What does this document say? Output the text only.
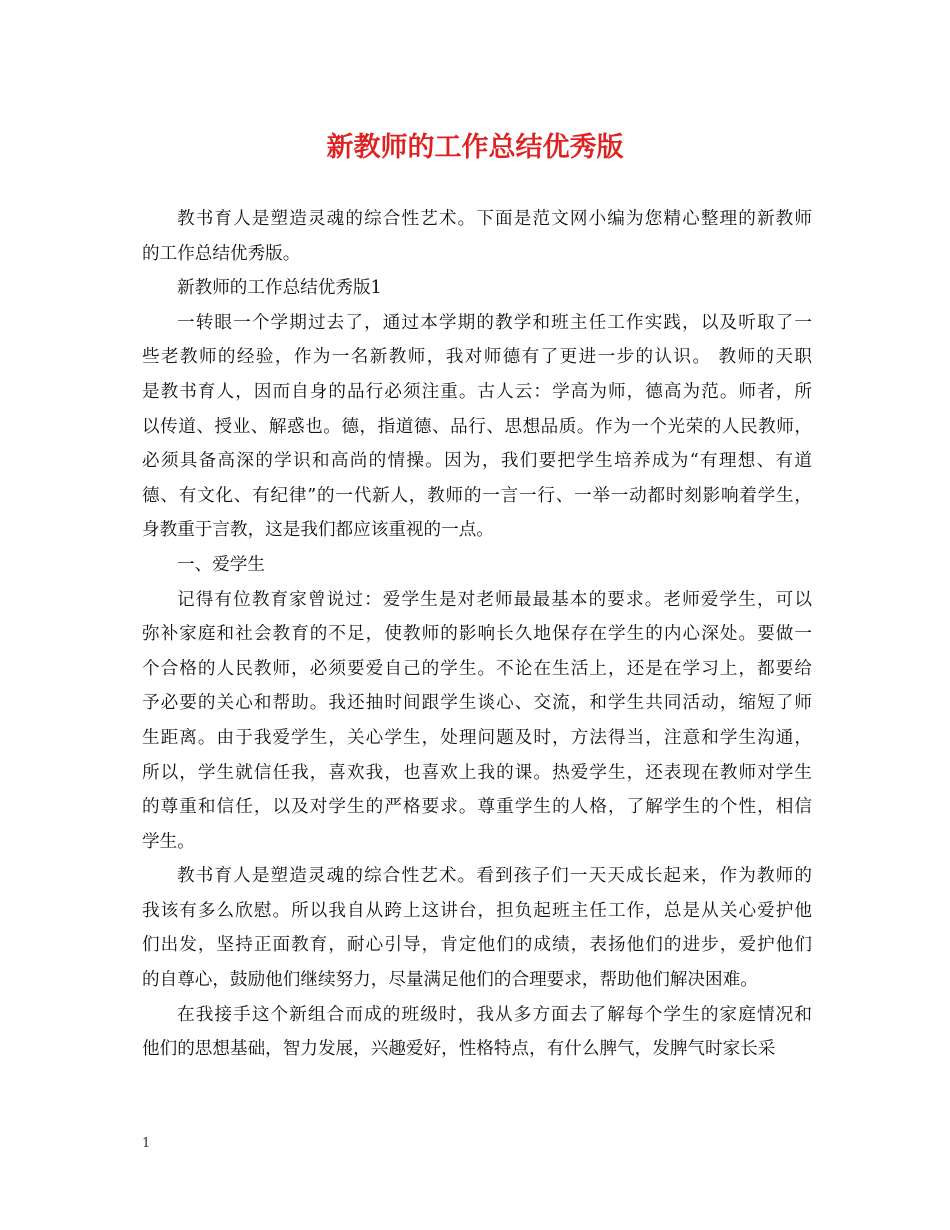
新教师的工作总结优秀版
教书育人是塑造灵魂的综合性艺术。下面是范文网小编为您精心整理的新教师
的工作总结优秀版。

新教师的工作总结优秀版1

一转眼一个学期过去了，通过本学期的教学和班主任工作实践，以及听取了一
些老教师的经验，作为一名新教师，我对师德有了更进一步的认识。 教师的天职
是教书育人，因而自身的品行必须注重。古人云：学高为师，德高为范。师者，所
以传道、授业、解惑也。德，指道德、品行、思想品质。作为一个光荣的人民教师，
必须具备高深的学识和高尚的情操。因为，我们要把学生培养成为“有理想、有道
德、有文化、有纪律”的一代新人，教师的一言一行、一举一动都时刻影响着学生，
身教重于言教，这是我们都应该重视的一点。

一、爱学生

记得有位教育家曾说过：爱学生是对老师最最基本的要求。老师爱学生，可以
弥补家庭和社会教育的不足，使教师的影响长久地保存在学生的内心深处。要做一
个合格的人民教师，必须要爱自己的学生。不论在生活上，还是在学习上，都要给
予必要的关心和帮助。我还抽时间跟学生谈心、交流，和学生共同活动，缩短了师
生距离。由于我爱学生，关心学生，处理问题及时，方法得当，注意和学生沟通，
所以，学生就信任我，喜欢我，也喜欢上我的课。热爱学生，还表现在教师对学生
的尊重和信任，以及对学生的严格要求。尊重学生的人格，了解学生的个性，相信
学生。
教书育人是塑造灵魂的综合性艺术。看到孩子们一天天成长起来，作为教师的
我该有多么欣慰。所以我自从跨上这讲台，担负起班主任工作，总是从关心爱护他
们出发，坚持正面教育，耐心引导，肯定他们的成绩，表扬他们的进步，爱护他们
的自尊心，鼓励他们继续努力，尽量满足他们的合理要求，帮助他们解决困难。
在我接手这个新组合而成的班级时，我从多方面去了解每个学生的家庭情况和
他们的思想基础，智力发展，兴趣爱好，性格特点，有什么脾气，发脾气时家长采
1
